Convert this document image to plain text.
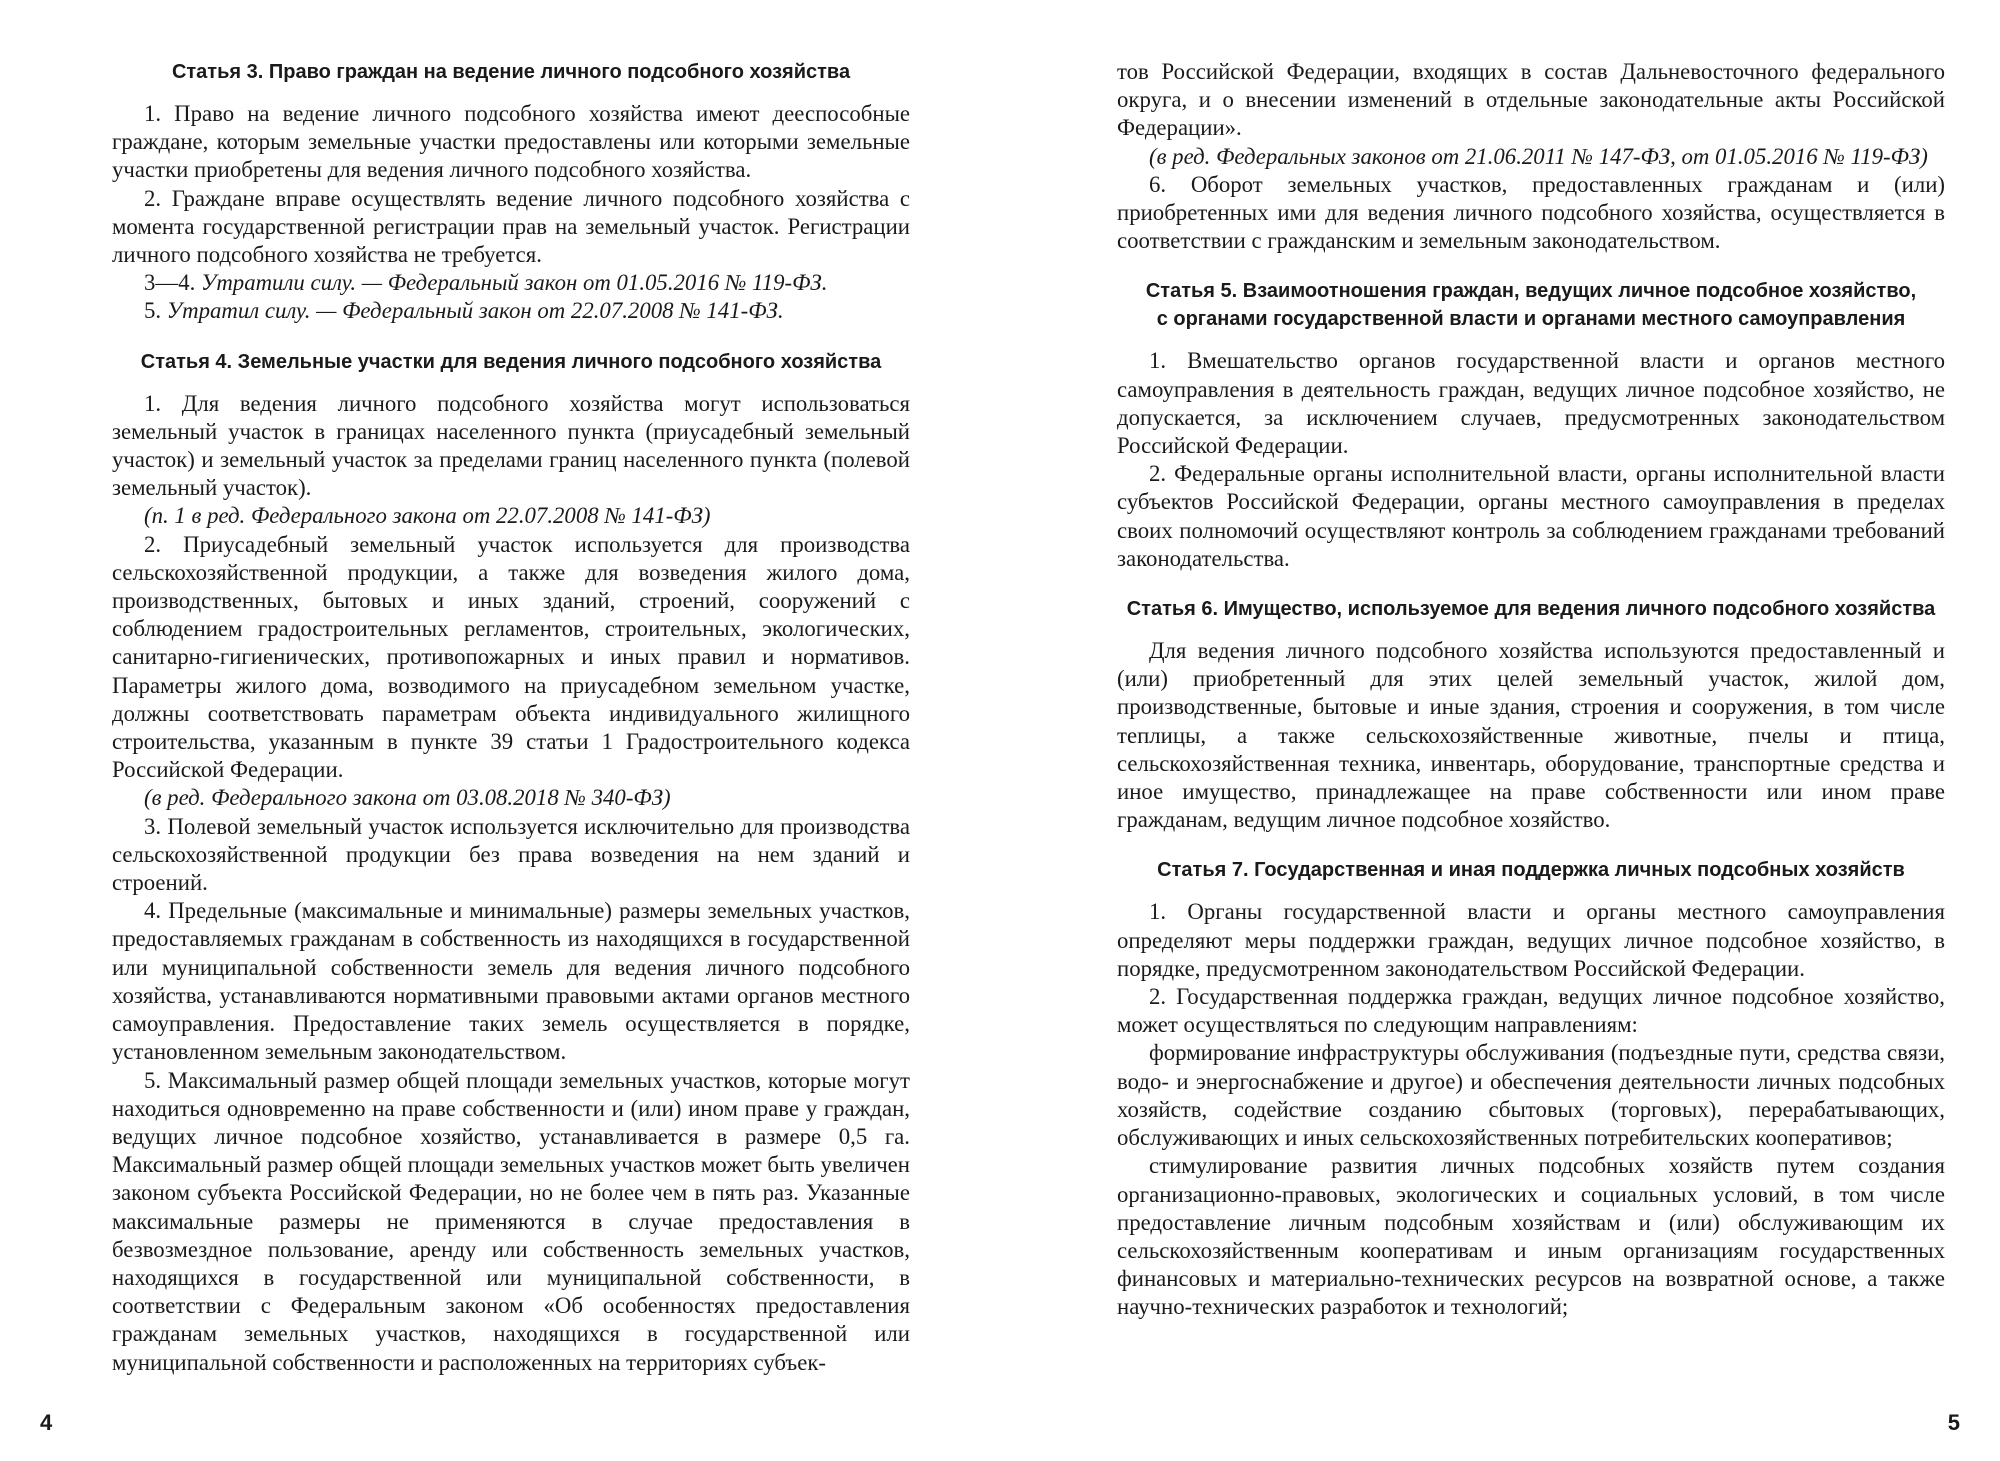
Статья 3. Право граждан на ведение личного подсобного хозяйства

1. Право на ведение личного подсобного хозяйства имеют дееспособные граждане, которым земельные участки предоставлены или которыми земельные участки приобретены для ведения личного подсобного хозяйства.

2. Граждане вправе осуществлять ведение личного подсобного хозяйства с момента государственной регистрации прав на земельный участок. Регистрации личного подсобного хозяйства не требуется.

3—4. Утратили силу. — Федеральный закон от 01.05.2016 № 119-ФЗ.

5. Утратил силу. — Федеральный закон от 22.07.2008 № 141-ФЗ.

Статья 4. Земельные участки для ведения личного подсобного хозяйства

1. Для ведения личного подсобного хозяйства могут использоваться земельный участок в границах населенного пункта (приусадебный земельный участок) и земельный участок за пределами границ населенного пункта (полевой земельный участок).

(п. 1 в ред. Федерального закона от 22.07.2008 № 141-ФЗ)

2. Приусадебный земельный участок используется для производства сельскохозяйственной продукции, а также для возведения жилого дома, производственных, бытовых и иных зданий, строений, сооружений с соблюдением градостроительных регламентов, строительных, экологических, санитарно-гигиенических, противопожарных и иных правил и нормативов. Параметры жилого дома, возводимого на приусадебном земельном участке, должны соответствовать параметрам объекта индивидуального жилищного строительства, указанным в пункте 39 статьи 1 Градостроительного кодекса Российской Федерации.

(в ред. Федерального закона от 03.08.2018 № 340-ФЗ)

3. Полевой земельный участок используется исключительно для производства сельскохозяйственной продукции без права возведения на нем зданий и строений.

4. Предельные (максимальные и минимальные) размеры земельных участков, предоставляемых гражданам в собственность из находящихся в государственной или муниципальной собственности земель для ведения личного подсобного хозяйства, устанавливаются нормативными правовыми актами органов местного самоуправления. Предоставление таких земель осуществляется в порядке, установленном земельным законодательством.

5. Максимальный размер общей площади земельных участков, которые могут находиться одновременно на праве собственности и (или) ином праве у граждан, ведущих личное подсобное хозяйство, устанавливается в размере 0,5 га. Максимальный размер общей площади земельных участков может быть увеличен законом субъекта Российской Федерации, но не более чем в пять раз. Указанные максимальные размеры не применяются в случае предоставления в безвозмездное пользование, аренду или собственность земельных участков, находящихся в государственной или муниципальной собственности, в соответствии с Федеральным законом «Об особенностях предоставления гражданам земельных участков, находящихся в государственной или муниципальной собственности и расположенных на территориях субъек-

4

тов Российской Федерации, входящих в состав Дальневосточного федерального округа, и о внесении изменений в отдельные законодательные акты Российской Федерации».

(в ред. Федеральных законов от 21.06.2011 № 147-ФЗ, от 01.05.2016 № 119-ФЗ)

6. Оборот земельных участков, предоставленных гражданам и (или) приобретенных ими для ведения личного подсобного хозяйства, осуществляется в соответствии с гражданским и земельным законодательством.

Статья 5. Взаимоотношения граждан, ведущих личное подсобное хозяйство,
с органами государственной власти и органами местного самоуправления

1. Вмешательство органов государственной власти и органов местного самоуправления в деятельность граждан, ведущих личное подсобное хозяйство, не допускается, за исключением случаев, предусмотренных законодательством Российской Федерации.

2. Федеральные органы исполнительной власти, органы исполнительной власти субъектов Российской Федерации, органы местного самоуправления в пределах своих полномочий осуществляют контроль за соблюдением гражданами требований законодательства.

Статья 6. Имущество, используемое для ведения личного подсобного хозяйства

Для ведения личного подсобного хозяйства используются предоставленный и (или) приобретенный для этих целей земельный участок, жилой дом, производственные, бытовые и иные здания, строения и сооружения, в том числе теплицы, а также сельскохозяйственные животные, пчелы и птица, сельскохозяйственная техника, инвентарь, оборудование, транспортные средства и иное имущество, принадлежащее на праве собственности или ином праве гражданам, ведущим личное подсобное хозяйство.

Статья 7. Государственная и иная поддержка личных подсобных хозяйств

1. Органы государственной власти и органы местного самоуправления определяют меры поддержки граждан, ведущих личное подсобное хозяйство, в порядке, предусмотренном законодательством Российской Федерации.

2. Государственная поддержка граждан, ведущих личное подсобное хозяйство, может осуществляться по следующим направлениям:

формирование инфраструктуры обслуживания (подъездные пути, средства связи, водо- и энергоснабжение и другое) и обеспечения деятельности личных подсобных хозяйств, содействие созданию сбытовых (торговых), перерабатывающих, обслуживающих и иных сельскохозяйственных потребительских кооперативов;

стимулирование развития личных подсобных хозяйств путем создания организационно-правовых, экологических и социальных условий, в том числе предоставление личным подсобным хозяйствам и (или) обслуживающим их сельскохозяйственным кооперативам и иным организациям государственных финансовых и материально-технических ресурсов на возвратной основе, а также научно-технических разработок и технологий;

5
